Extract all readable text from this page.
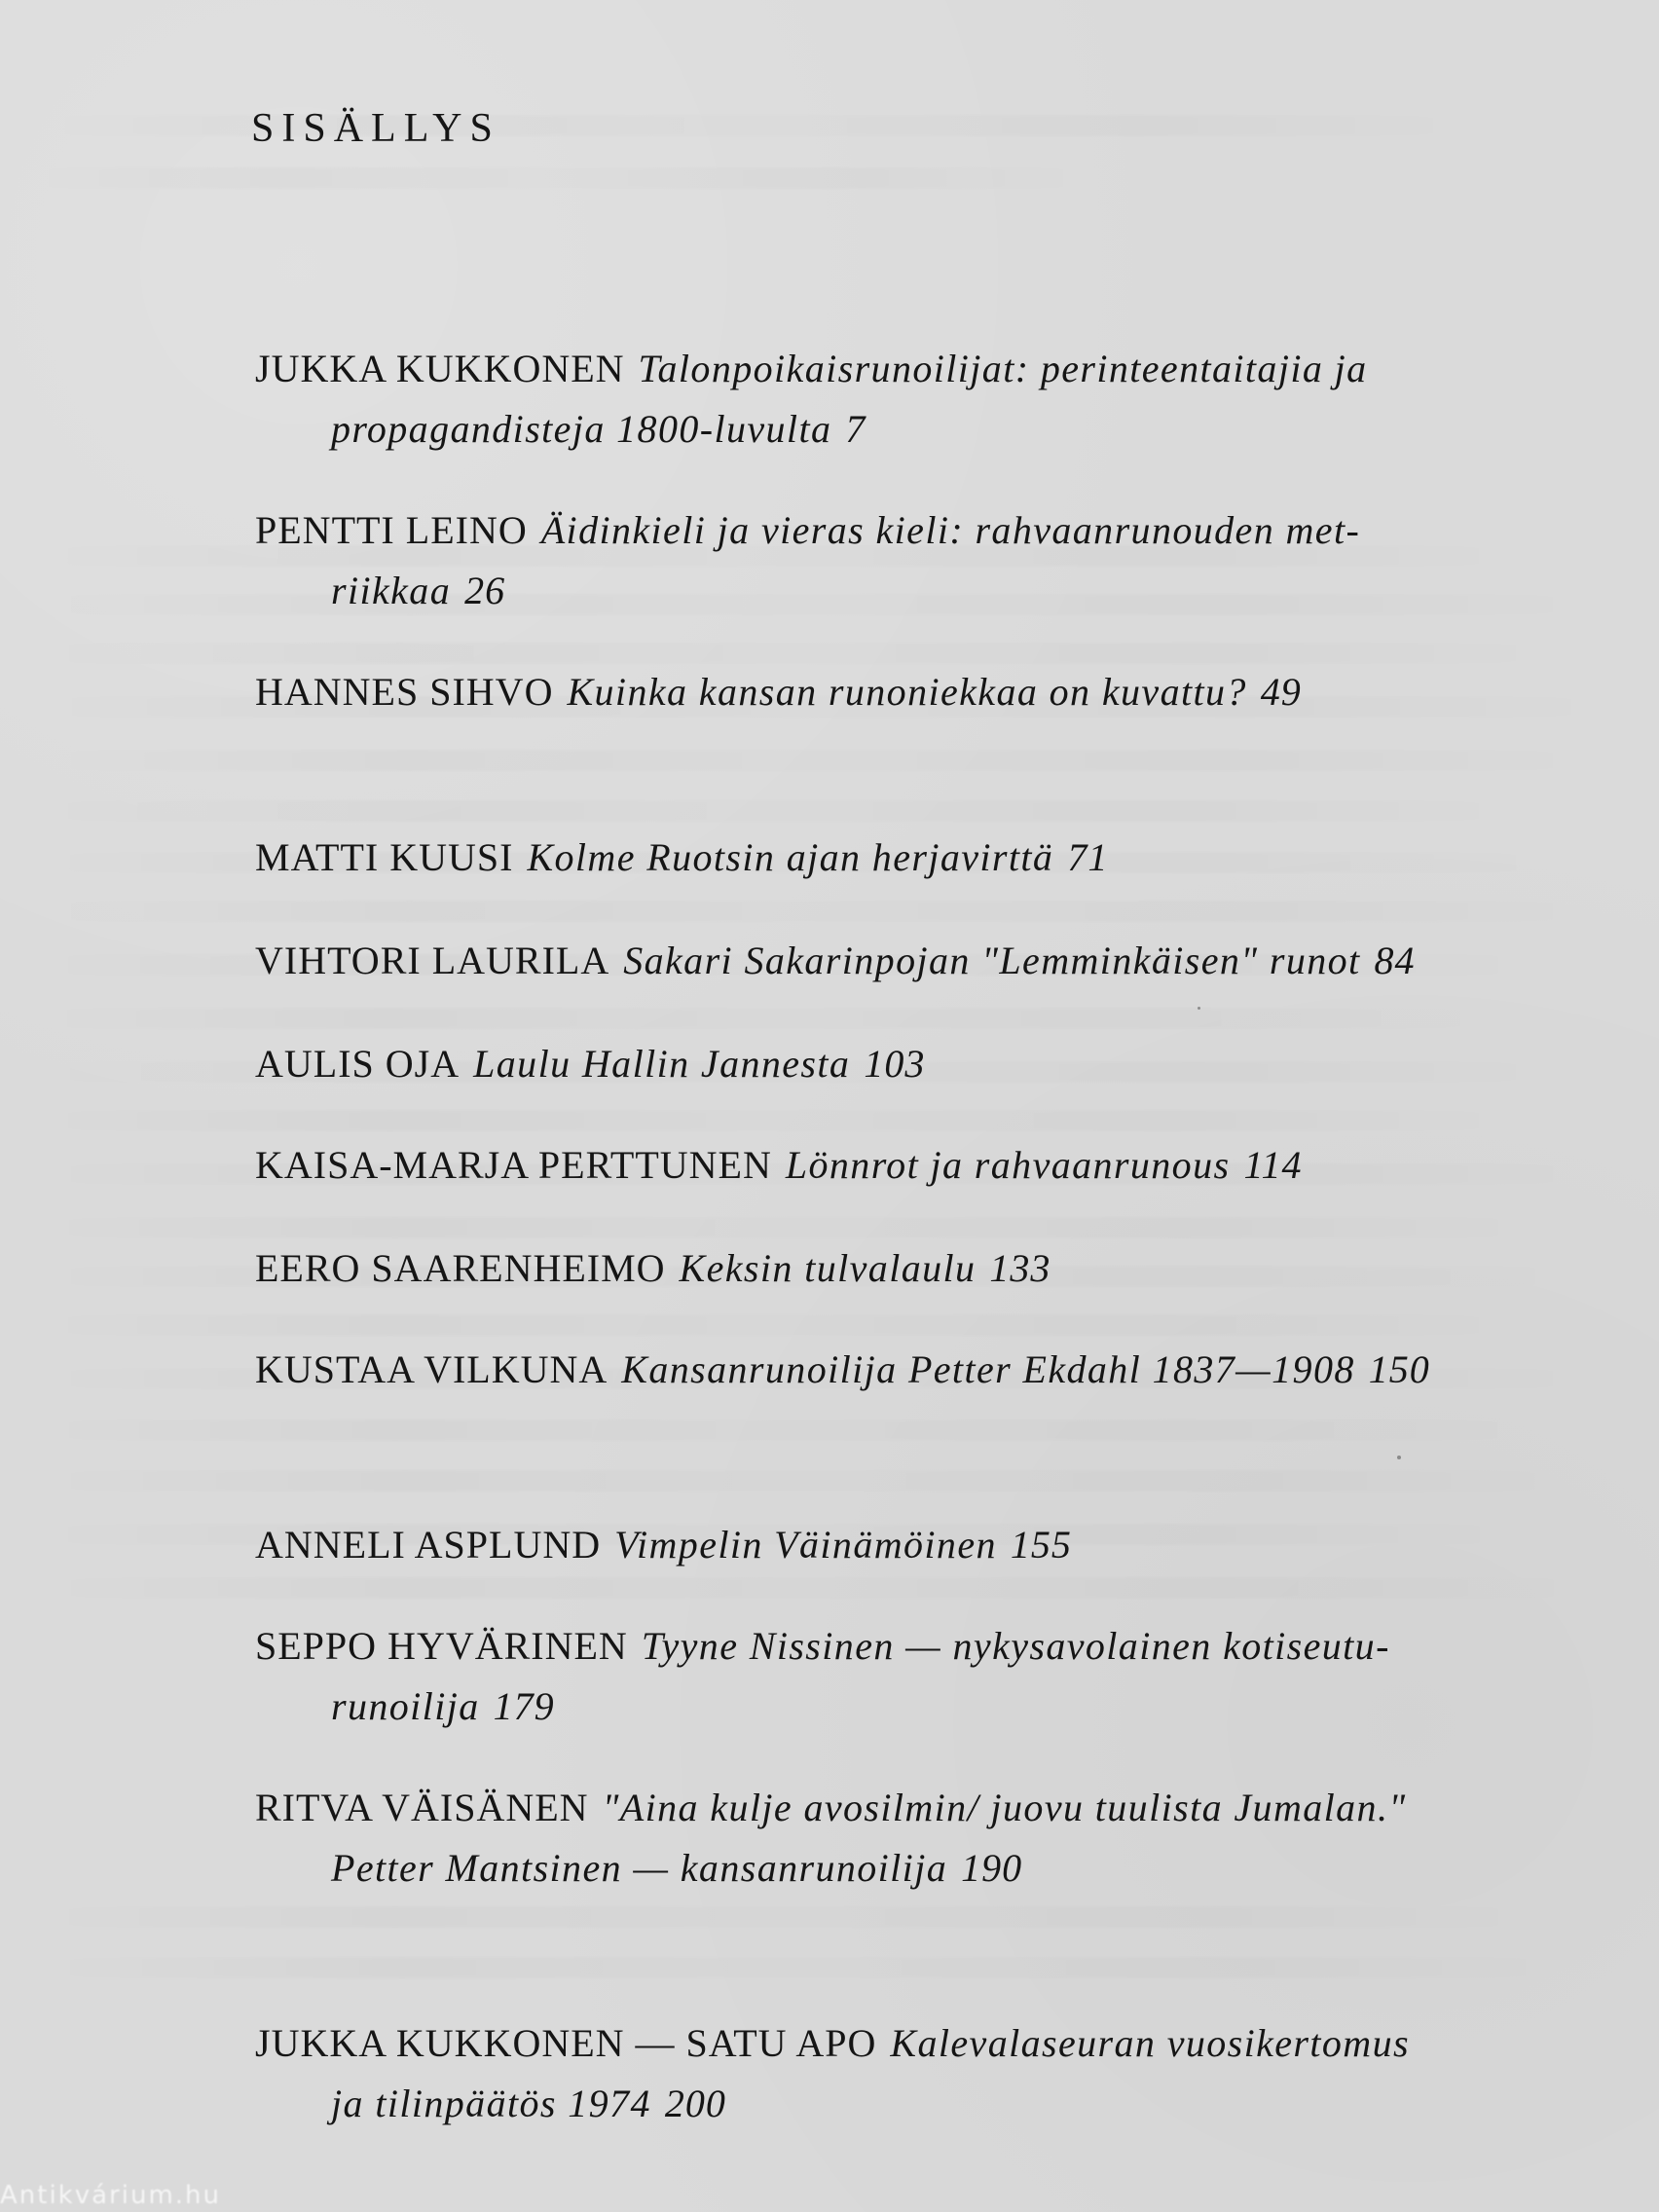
SISÄLLYS
JUKKA KUKKONEN Talonpoikaisrunoilijat: perinteentaitajia ja
propagandisteja 1800-luvulta 7
PENTTI LEINO Äidinkieli ja vieras kieli: rahvaanrunouden met-
riikkaa 26
HANNES SIHVO Kuinka kansan runoniekkaa on kuvattu? 49
MATTI KUUSI Kolme Ruotsin ajan herjavirttä 71
VIHTORI LAURILA Sakari Sakarinpojan "Lemminkäisen" runot 84
AULIS OJA Laulu Hallin Jannesta 103
KAISA-MARJA PERTTUNEN Lönnrot ja rahvaanrunous 114
EERO SAARENHEIMO Keksin tulvalaulu 133
KUSTAA VILKUNA Kansanrunoilija Petter Ekdahl 1837—1908 150
ANNELI ASPLUND Vimpelin Väinämöinen 155
SEPPO HYVÄRINEN Tyyne Nissinen — nykysavolainen kotiseutu-
runoilija 179
RITVA VÄISÄNEN "Aina kulje avosilmin/ juovu tuulista Jumalan."
Petter Mantsinen — kansanrunoilija 190
JUKKA KUKKONEN — SATU APO Kalevalaseuran vuosikertomus
ja tilinpäätös 1974 200
Antikvárium.hu
